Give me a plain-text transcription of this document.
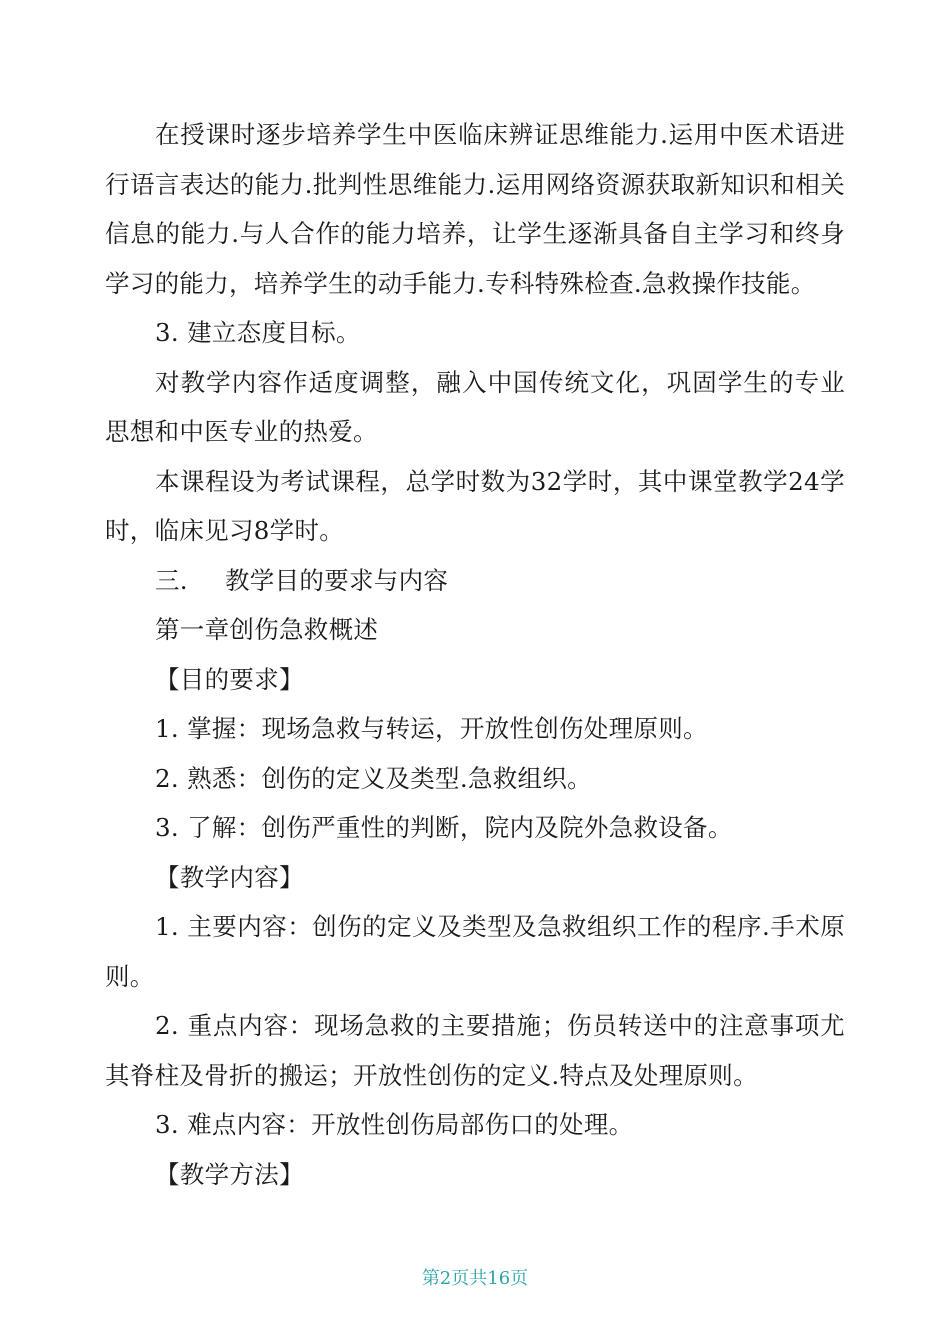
在授课时逐步培养学生中医临床辨证思维能力.运用中医术语进行语言表达的能力.批判性思维能力.运用网络资源获取新知识和相关信息的能力.与人合作的能力培养，让学生逐渐具备自主学习和终身学习的能力，培养学生的动手能力.专科特殊检查.急救操作技能。

3. 建立态度目标。

对教学内容作适度调整，融入中国传统文化，巩固学生的专业思想和中医专业的热爱。

本课程设为考试课程，总学时数为32学时，其中课堂教学24学时，临床见习8学时。

三. 教学目的要求与内容

第一章创伤急救概述

【目的要求】

1. 掌握：现场急救与转运，开放性创伤处理原则。

2. 熟悉：创伤的定义及类型.急救组织。

3. 了解：创伤严重性的判断，院内及院外急救设备。

【教学内容】

1. 主要内容：创伤的定义及类型及急救组织工作的程序.手术原则。

2. 重点内容：现场急救的主要措施；伤员转送中的注意事项尤其脊柱及骨折的搬运；开放性创伤的定义.特点及处理原则。

3. 难点内容：开放性创伤局部伤口的处理。

【教学方法】

第2页共16页
